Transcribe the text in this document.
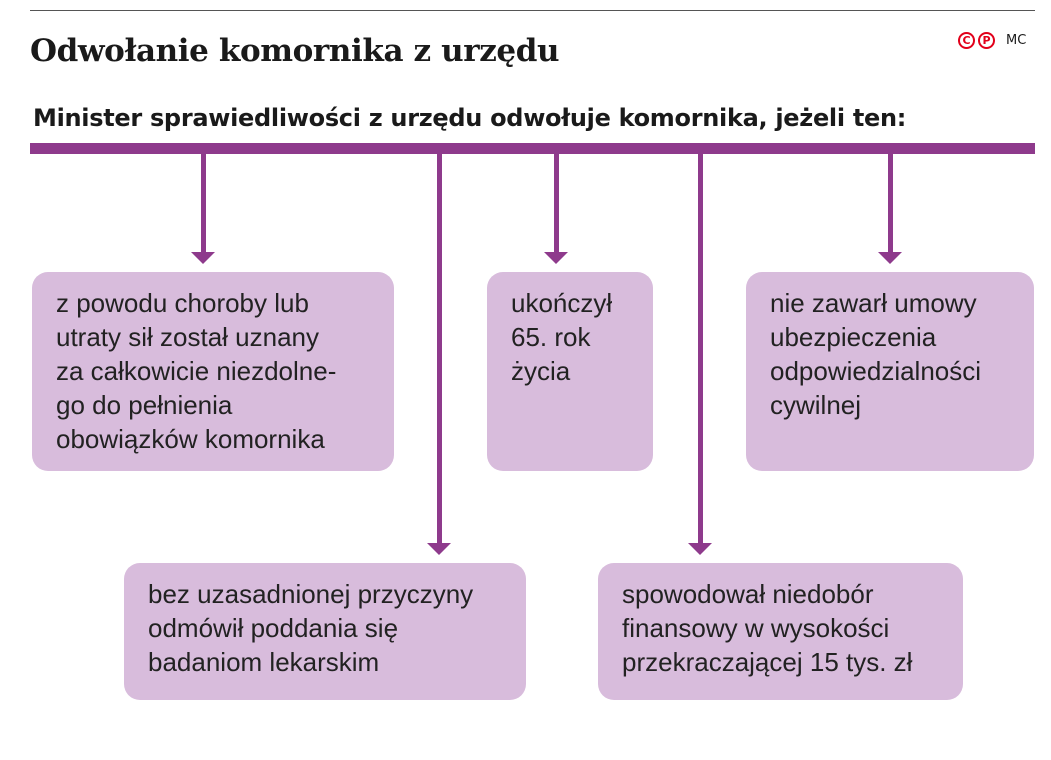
Odwołanie komornika z urzędu	C	P	MC
Minister sprawiedliwości z urzędu odwołuje komornika, jeżeli ten:
z powodu choroby lub
utraty sił został uznany
za całkowicie niezdolne-
go do pełnienia
obowiązków komornika
bez uzasadnionej przyczyny
odmówił poddania się
badaniom lekarskim
ukończył
65. rok
życia
spowodował niedobór
finansowy w wysokości
przekraczającej 15 tys. zł
nie zawarł umowy
ubezpieczenia
odpowiedzialności
cywilnej
